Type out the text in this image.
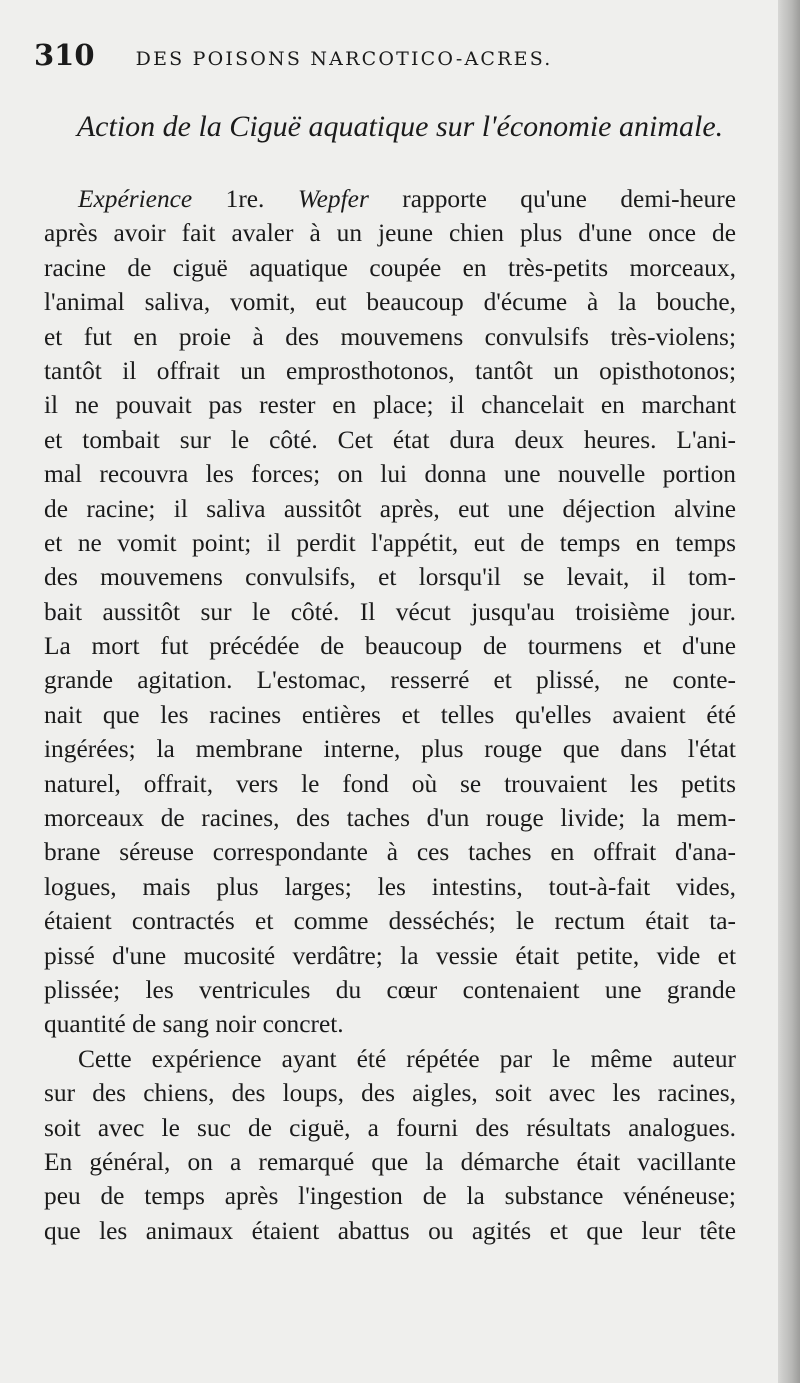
310 DES POISONS NARCOTICO-ACRES.
Action de la Ciguë aquatique sur l'économie animale.
Expérience 1re. Wepfer rapporte qu'une demi-heure
après avoir fait avaler à un jeune chien plus d'une once de
racine de ciguë aquatique coupée en très-petits morceaux,
l'animal saliva, vomit, eut beaucoup d'écume à la bouche,
et fut en proie à des mouvemens convulsifs très-violens;
tantôt il offrait un emprosthotonos, tantôt un opisthotonos;
il ne pouvait pas rester en place; il chancelait en marchant
et tombait sur le côté. Cet état dura deux heures. L'ani-
mal recouvra les forces; on lui donna une nouvelle portion
de racine; il saliva aussitôt après, eut une déjection alvine
et ne vomit point; il perdit l'appétit, eut de temps en temps
des mouvemens convulsifs, et lorsqu'il se levait, il tom-
bait aussitôt sur le côté. Il vécut jusqu'au troisième jour.
La mort fut précédée de beaucoup de tourmens et d'une
grande agitation. L'estomac, resserré et plissé, ne conte-
nait que les racines entières et telles qu'elles avaient été
ingérées; la membrane interne, plus rouge que dans l'état
naturel, offrait, vers le fond où se trouvaient les petits
morceaux de racines, des taches d'un rouge livide; la mem-
brane séreuse correspondante à ces taches en offrait d'ana-
logues, mais plus larges; les intestins, tout-à-fait vides,
étaient contractés et comme desséchés; le rectum était ta-
pissé d'une mucosité verdâtre; la vessie était petite, vide et
plissée; les ventricules du cœur contenaient une grande
quantité de sang noir concret.
Cette expérience ayant été répétée par le même auteur
sur des chiens, des loups, des aigles, soit avec les racines,
soit avec le suc de ciguë, a fourni des résultats analogues.
En général, on a remarqué que la démarche était vacillante
peu de temps après l'ingestion de la substance vénéneuse;
que les animaux étaient abattus ou agités et que leur tête
